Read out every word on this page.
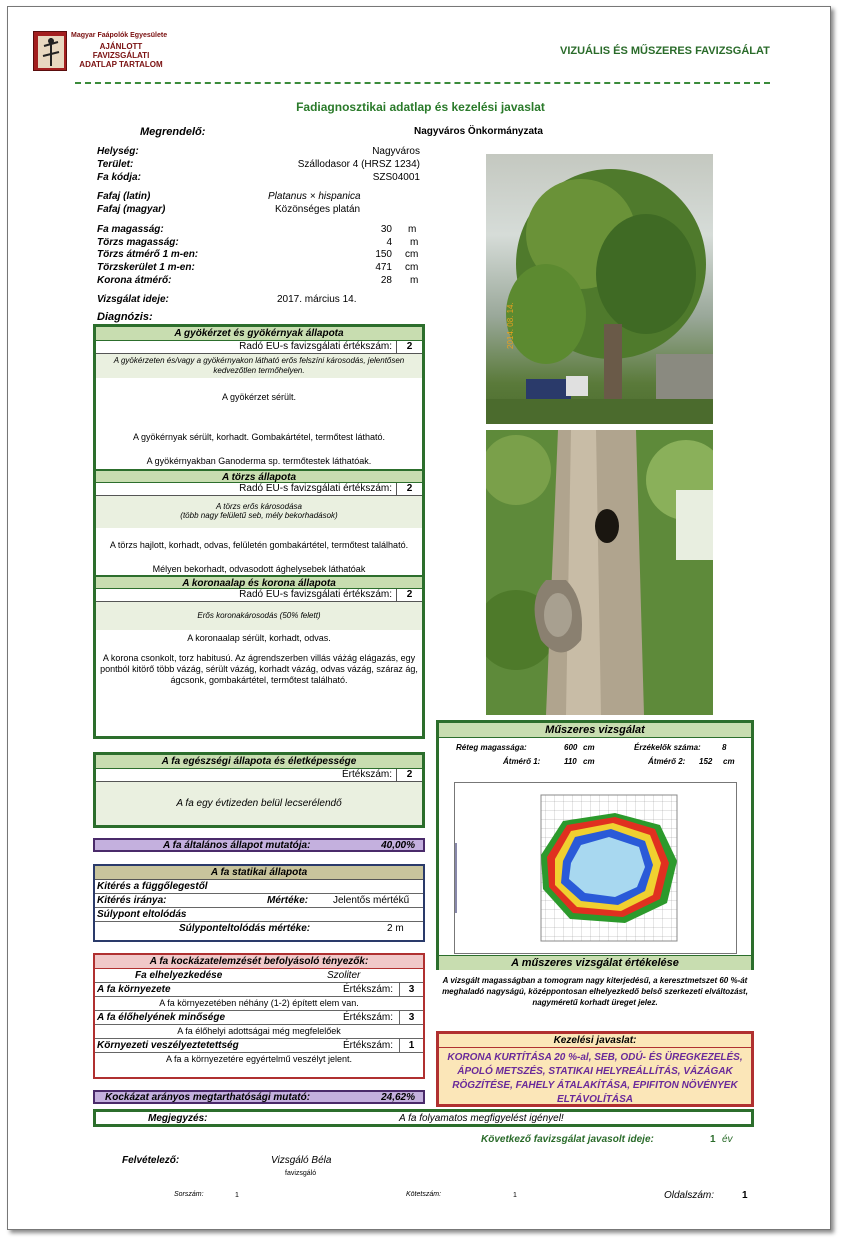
Magyar Faápolók Egyesülete
AJÁNLOTT
FAVIZSGÁLATI
ADATLAP TARTALOM
VIZUÁLIS ÉS MŰSZERES FAVIZSGÁLAT
Fadiagnosztikai adatlap és kezelési javaslat
Megrendelő:	Nagyváros Önkormányzata
Helység:	Nagyváros
Terület:	Szállodasor 4 (HRSZ 1234)
Fa kódja:	SZS04001
Fafaj (latin)	Platanus × hispanica
Fafaj (magyar)	Közönséges platán
Fa magasság:	30 m
Törzs magasság:	4 m
Törzs átmérő 1 m-en:	150 cm
Törzskerület 1 m-en:	471 cm
Korona átmérő:	28 m
Vizsgálat ideje:	2017. március 14.
Diagnózis:
A gyökérzet és gyökérnyak állapota
Radó EU-s favizsgálati értékszám:	2
A gyökérzeten és/vagy a gyökérnyakon látható erős felszíni károsodás, jelentősen kedvezőtlen termőhelyen.
A gyökérzet sérült.
A gyökérnyak sérült, korhadt. Gombakártétel, termőtest látható.
A gyökérnyakban Ganoderma sp. termőtestek láthatóak.
A törzs állapota
Radó EU-s favizsgálati értékszám:	2
A törzs erős károsodása
(több nagy felületű seb, mély bekorhadások)
A törzs hajlott, korhadt, odvas, felületén gombakártétel, termőtest található.
Mélyen bekorhadt, odvasodott ághelysebek láthatóak
A koronaalap és korona állapota
Radó EU-s favizsgálati értékszám:	2
Erős koronakárosodás (50% felett)
A koronaalap sérült, korhadt, odvas.
A korona csonkolt, torz habitusú. Az ágrendszerben villás váżág elágazás, egy pontból kitörő több vázág, sérült vázág, korhadt vázág, odvas vázág, száraz ág, ágcsonk, gombakártétel, termőtest található.
A fa egészségi állapota és életképessége
Értékszám:	2
A fa egy évtizeden belül lecserélendő
A fa általános állapot mutatója:	40,00%
A fa statikai állapota
Kitérés a függőlegestől
Kitérés iránya:	Mértéke: Jelentős mértékű
Súlypont eltolódás
Súlyponteltolódás mértéke:	2 m
A fa kockázatelemzését befolyásoló tényezők:
Fa elhelyezkedése	Szoliter
A fa környezete	Értékszám:	3
A fa környezetében néhány (1-2) épített elem van.
A fa élőhelyének minősége	Értékszám:	3
A fa élőhelyi adottságai még megfelelőek
Környezeti veszélyeztetettség	Értékszám:	1
A fa a környezetére egyértelmű veszélyt jelent.
Kockázat arányos megtarthatósági mutató:	24,62%
Megjegyzés:	A fa folyamatos megfigyelést igényel!
Következő favizsgálat javasolt ideje:	1 év
2014. 08. 14.
Műszeres vizsgálat
Réteg magassága:	600 cm	Érzékelők száma:	8
Átmérő 1:	110 cm	Átmérő 2: 152 cm
A műszeres vizsgálat értékelése
A vizsgált magasságban a tomogram nagy kiterjedésű, a keresztmetszet 60 %-át meghaladó nagyságú, középpontosan elhelyezkedő belső szerkezeti elváltozást, nagyméretű korhadt üreget jelez.
Kezelési javaslat:
KORONA KURTÍTÁSA 20 %-al, SEB, ODÚ- ÉS ÜREGKEZELÉS, ÁPOLÓ METSZÉS, STATIKAI HELYREÁLLÍTÁS, VÁZÁGAK RÖGZÍTÉSE, FAHELY ÁTALAKÍTÁSA, EPIFITON NÖVÉNYEK ELTÁVOLÍTÁSA
Felvételező:	Vizsgáló Béla
favizsgáló
Sorszám:	1	Kötetszám:	1	Oldalszám:	1
